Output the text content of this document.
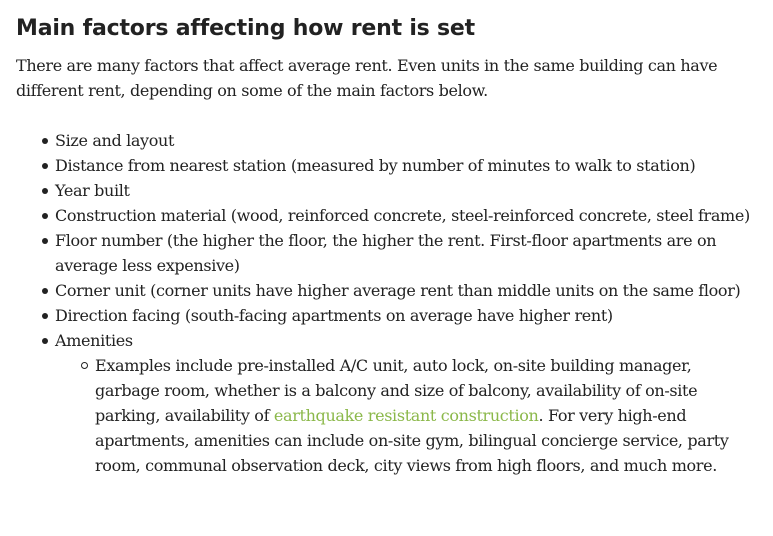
Main factors affecting how rent is set

There are many factors that affect average rent. Even units in the same building can have different rent, depending on some of the main factors below.

Size and layout
Distance from nearest station (measured by number of minutes to walk to station)
Year built
Construction material (wood, reinforced concrete, steel-reinforced concrete, steel frame)
Floor number (the higher the floor, the higher the rent. First-floor apartments are on average less expensive)
Corner unit (corner units have higher average rent than middle units on the same floor)
Direction facing (south-facing apartments on average have higher rent)
Amenities
Examples include pre-installed A/C unit, auto lock, on-site building manager, garbage room, whether is a balcony and size of balcony, availability of on-site parking, availability of earthquake resistant construction. For very high-end apartments, amenities can include on-site gym, bilingual concierge service, party room, communal observation deck, city views from high floors, and much more.
